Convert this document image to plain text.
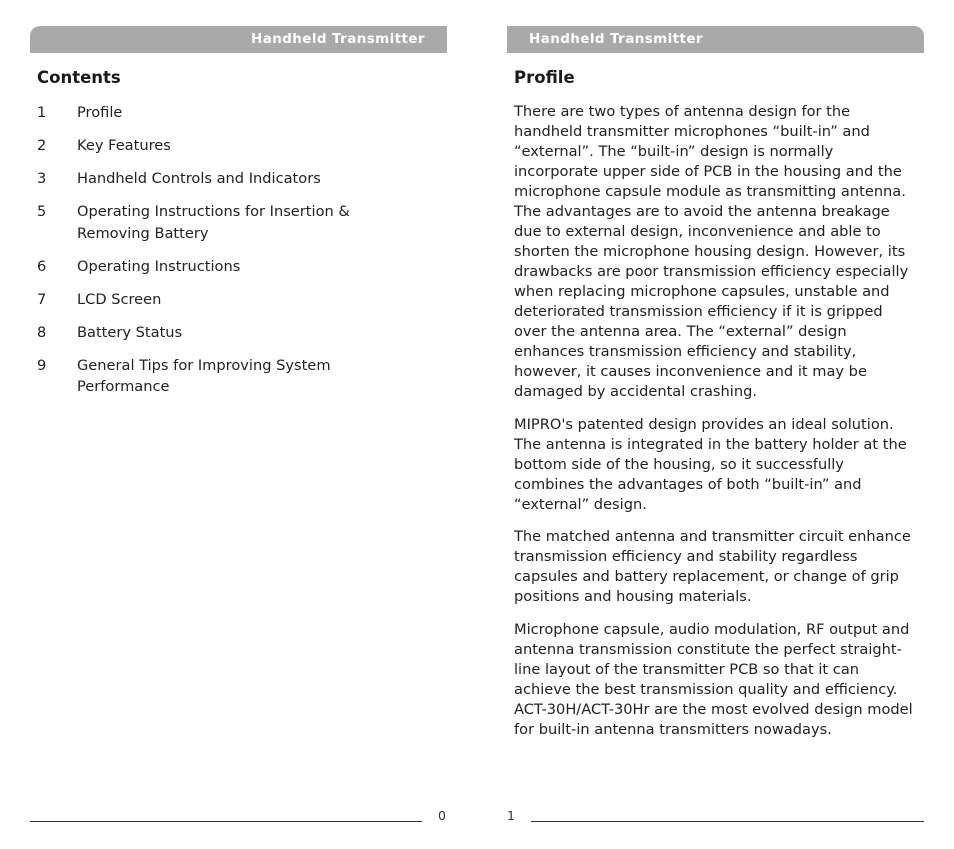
Handheld Transmitter
Contents
1	Profile
2	Key Features
3	Handheld Controls and Indicators
5	Operating Instructions for Insertion & Removing Battery
6	Operating Instructions
7	LCD Screen
8	Battery Status
9	General Tips for Improving System Performance
0
Handheld Transmitter
Profile

There are two types of antenna design for the handheld transmitter microphones “built-in” and “external”. The “built-in” design is normally incorporate upper side of PCB in the housing and the microphone capsule module as transmitting antenna. The advantages are to avoid the antenna breakage due to external design, inconvenience and able to shorten the microphone housing design. However, its drawbacks are poor transmission efficiency especially when replacing microphone capsules, unstable and deteriorated transmission efficiency if it is gripped over the antenna area. The “external” design enhances transmission efficiency and stability, however, it causes inconvenience and it may be damaged by accidental crashing.

MIPRO's patented design provides an ideal solution. The antenna is integrated in the battery holder at the bottom side of the housing, so it successfully combines the advantages of both “built-in” and “external” design.

The matched antenna and transmitter circuit enhance transmission efficiency and stability regardless capsules and battery replacement, or change of grip positions and housing materials.

Microphone capsule, audio modulation, RF output and antenna transmission constitute the perfect straight-line layout of the transmitter PCB so that it can achieve the best transmission quality and efficiency. ACT-30H/ACT-30Hr are the most evolved design model for built-in antenna transmitters nowadays.

1
